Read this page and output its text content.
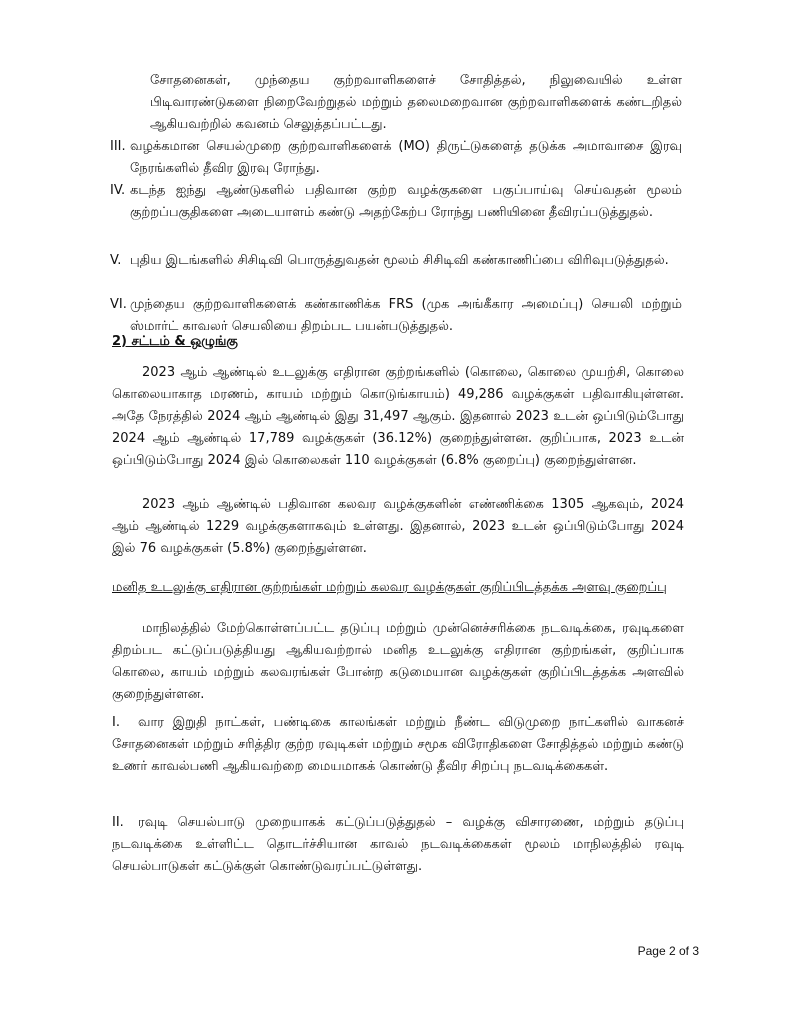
சோதனைகள், முந்தைய குற்றவாளிகளைச் சோதித்தல், நிலுவையில் உள்ள பிடிவாரண்டுகளை நிறைவேற்றுதல் மற்றும் தலைமறைவான குற்றவாளிகளைக் கண்டறிதல் ஆகியவற்றில் கவனம் செலுத்தப்பட்டது.
III. வழக்கமான செயல்முறை குற்றவாளிகளைக் (MO) திருட்டுகளைத் தடுக்க அமாவாசை இரவு நேரங்களில் தீவிர இரவு ரோந்து.
IV. கடந்த ஐந்து ஆண்டுகளில் பதிவான குற்ற வழக்குகளை பகுப்பாய்வு செய்வதன் மூலம் குற்றப்பகுதிகளை அடையாளம் கண்டு அதற்கேற்ப ரோந்து பணியினை தீவிரப்படுத்துதல்.
V. புதிய இடங்களில் சிசிடிவி பொருத்துவதன் மூலம் சிசிடிவி கண்காணிப்பை விரிவுபடுத்துதல்.
VI. முந்தைய குற்றவாளிகளைக் கண்காணிக்க FRS (முக அங்கீகார அமைப்பு) செயலி மற்றும் ஸ்மார்ட் காவலர் செயலியை திறம்பட பயன்படுத்துதல்.
2) சட்டம் & ஒழுங்கு
2023 ஆம் ஆண்டில் உடலுக்கு எதிரான குற்றங்களில் (கொலை, கொலை முயற்சி, கொலை கொலையாகாத மரணம், காயம் மற்றும் கொடுங்காயம்) 49,286 வழக்குகள் பதிவாகியுள்ளன. அதே நேரத்தில் 2024 ஆம் ஆண்டில் இது 31,497 ஆகும். இதனால் 2023 உடன் ஒப்பிடும்போது 2024 ஆம் ஆண்டில் 17,789 வழக்குகள் (36.12%) குறைந்துள்ளன. குறிப்பாக, 2023 உடன் ஒப்பிடும்போது 2024 இல் கொலைகள் 110 வழக்குகள் (6.8% குறைப்பு) குறைந்துள்ளன.
2023 ஆம் ஆண்டில் பதிவான கலவர வழக்குகளின் எண்ணிக்கை 1305 ஆகவும், 2024 ஆம் ஆண்டில் 1229 வழக்குகளாகவும் உள்ளது. இதனால், 2023 உடன் ஒப்பிடும்போது 2024 இல் 76 வழக்குகள் (5.8%) குறைந்துள்ளன.
மனித உடலுக்கு எதிரான குற்றங்கள் மற்றும் கலவர வழக்குகள் குறிப்பிடத்தக்க அளவு குறைப்பு
மாநிலத்தில் மேற்கொள்ளப்பட்ட தடுப்பு மற்றும் முன்னெச்சரிக்கை நடவடிக்கை, ரவுடிகளை திறம்பட கட்டுப்படுத்தியது ஆகியவற்றால் மனித உடலுக்கு எதிரான குற்றங்கள், குறிப்பாக கொலை, காயம் மற்றும் கலவரங்கள் போன்ற கடுமையான வழக்குகள் குறிப்பிடத்தக்க அளவில் குறைந்துள்ளன.
I. வார இறுதி நாட்கள், பண்டிகை காலங்கள் மற்றும் நீண்ட விடுமுறை நாட்களில் வாகனச் சோதனைகள் மற்றும் சரித்திர குற்ற ரவுடிகள் மற்றும் சமூக விரோதிகளை சோதித்தல் மற்றும் கண்டு உணர் காவல்பணி ஆகியவற்றை மையமாகக் கொண்டு தீவிர சிறப்பு நடவடிக்கைகள்.
II. ரவுடி செயல்பாடு முறையாகக் கட்டுப்படுத்துதல் – வழக்கு விசாரணை, மற்றும் தடுப்பு நடவடிக்கை உள்ளிட்ட தொடர்ச்சியான காவல் நடவடிக்கைகள் மூலம் மாநிலத்தில் ரவுடி செயல்பாடுகள் கட்டுக்குள் கொண்டுவரப்பட்டுள்ளது.
Page 2 of 3
